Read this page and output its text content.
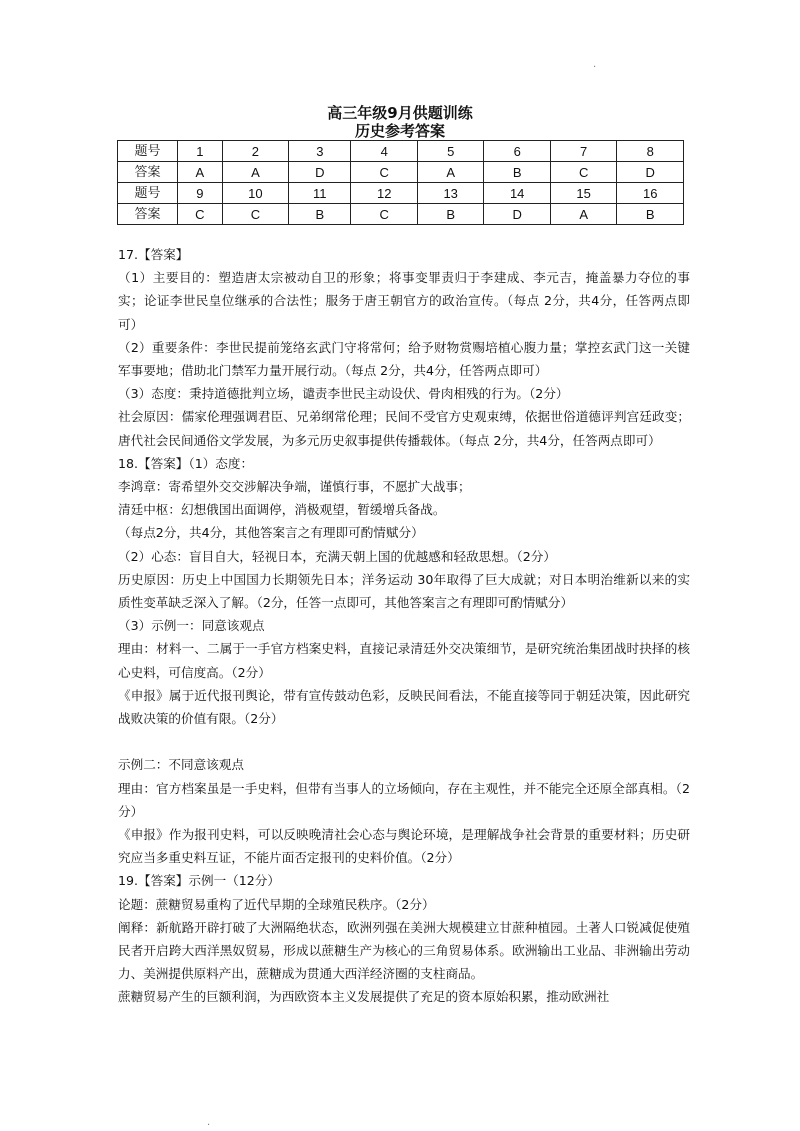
·
·
高三年级9月供题训练
历史参考答案
题号	1	2	3	4	5	6	7	8
答案	A	A	D	C	A	B	C	D
题号	9	10	11	12	13	14	15	16
答案	C	C	B	C	B	D	A	B

17.【答案】

（1）主要目的：塑造唐太宗被动自卫的形象；将事变罪责归于李建成、李元吉，掩盖暴力夺位的事实；论证李世民皇位继承的合法性；服务于唐王朝官方的政治宣传。（每点 2分，共4分，任答两点即可）

（2）重要条件：李世民提前笼络玄武门守将常何；给予财物赏赐培植心腹力量；掌控玄武门这一关键军事要地；借助北门禁军力量开展行动。（每点 2分，共4分，任答两点即可）

（3）态度：秉持道德批判立场，谴责李世民主动设伏、骨肉相残的行为。（2分）

社会原因：儒家伦理强调君臣、兄弟纲常伦理；民间不受官方史观束缚，依据世俗道德评判宫廷政变；唐代社会民间通俗文学发展，为多元历史叙事提供传播载体。（每点 2分，共4分，任答两点即可）

18.【答案】（1）态度：

李鸿章：寄希望外交交涉解决争端，谨慎行事，不愿扩大战事；

清廷中枢：幻想俄国出面调停，消极观望，暂缓增兵备战。

（每点2分，共4分，其他答案言之有理即可酌情赋分）

（2）心态：盲目自大，轻视日本，充满天朝上国的优越感和轻敌思想。（2分）

历史原因：历史上中国国力长期领先日本；洋务运动 30年取得了巨大成就；对日本明治维新以来的实质性变革缺乏深入了解。（2分，任答一点即可，其他答案言之有理即可酌情赋分）

（3）示例一：同意该观点

理由：材料一、二属于一手官方档案史料，直接记录清廷外交决策细节，是研究统治集团战时抉择的核心史料，可信度高。（2分）

《申报》属于近代报刊舆论，带有宣传鼓动色彩，反映民间看法，不能直接等同于朝廷决策，因此研究战败决策的价值有限。（2分）

示例二：不同意该观点

理由：官方档案虽是一手史料，但带有当事人的立场倾向，存在主观性，并不能完全还原全部真相。（2分）

《申报》作为报刊史料，可以反映晚清社会心态与舆论环境，是理解战争社会背景的重要材料；历史研究应当多重史料互证，不能片面否定报刊的史料价值。（2分）

19.【答案】示例一（12分）

论题：蔗糖贸易重构了近代早期的全球殖民秩序。（2分）

阐释：新航路开辟打破了大洲隔绝状态，欧洲列强在美洲大规模建立甘蔗种植园。土著人口锐减促使殖民者开启跨大西洋黑奴贸易，形成以蔗糖生产为核心的三角贸易体系。欧洲输出工业品、非洲输出劳动力、美洲提供原料产出，蔗糖成为贯通大西洋经济圈的支柱商品。

蔗糖贸易产生的巨额利润，为西欧资本主义发展提供了充足的资本原始积累，推动欧洲社
